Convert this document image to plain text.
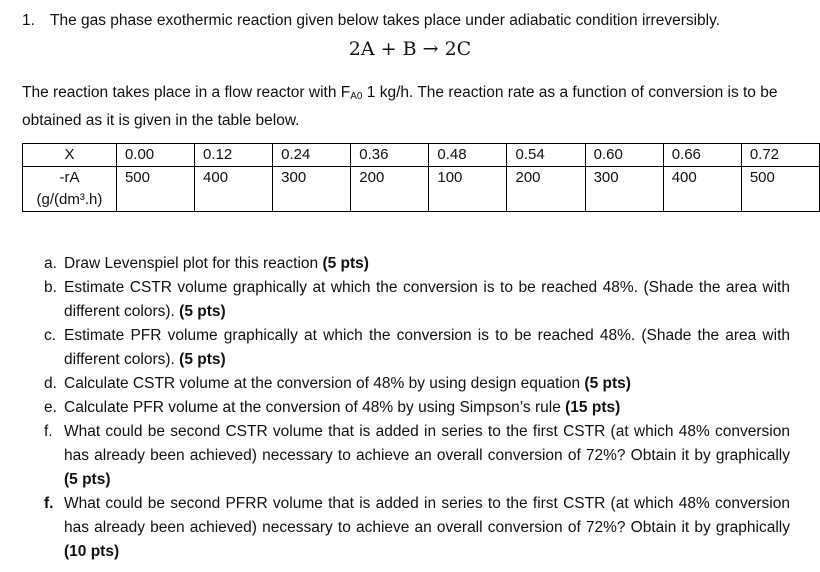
1. The gas phase exothermic reaction given below takes place under adiabatic condition irreversibly.
2A + B → 2C
The reaction takes place in a flow reactor with $F_{A0}$ 1 kg/h. The reaction rate as a function of conversion is to be obtained as it is given in the table below.
X	0.00	0.12	0.24	0.36	0.48	0.54	0.60	0.66	0.72
-rA
(g/(dm³.h)	500	400	300	200	100	200	300	400	500
a. Draw Levenspiel plot for this reaction (5 pts)
b. Estimate CSTR volume graphically at which the conversion is to be reached 48%. (Shade the area with different colors). (5 pts)
c. Estimate PFR volume graphically at which the conversion is to be reached 48%. (Shade the area with different colors). (5 pts)
d. Calculate CSTR volume at the conversion of 48% by using design equation (5 pts)
e. Calculate PFR volume at the conversion of 48% by using Simpson’s rule (15 pts)
f. What could be second CSTR volume that is added in series to the first CSTR (at which 48% conversion has already been achieved) necessary to achieve an overall conversion of 72%? Obtain it by graphically (5 pts)
f. What could be second PFRR volume that is added in series to the first CSTR (at which 48% conversion has already been achieved) necessary to achieve an overall conversion of 72%? Obtain it by graphically (10 pts)
